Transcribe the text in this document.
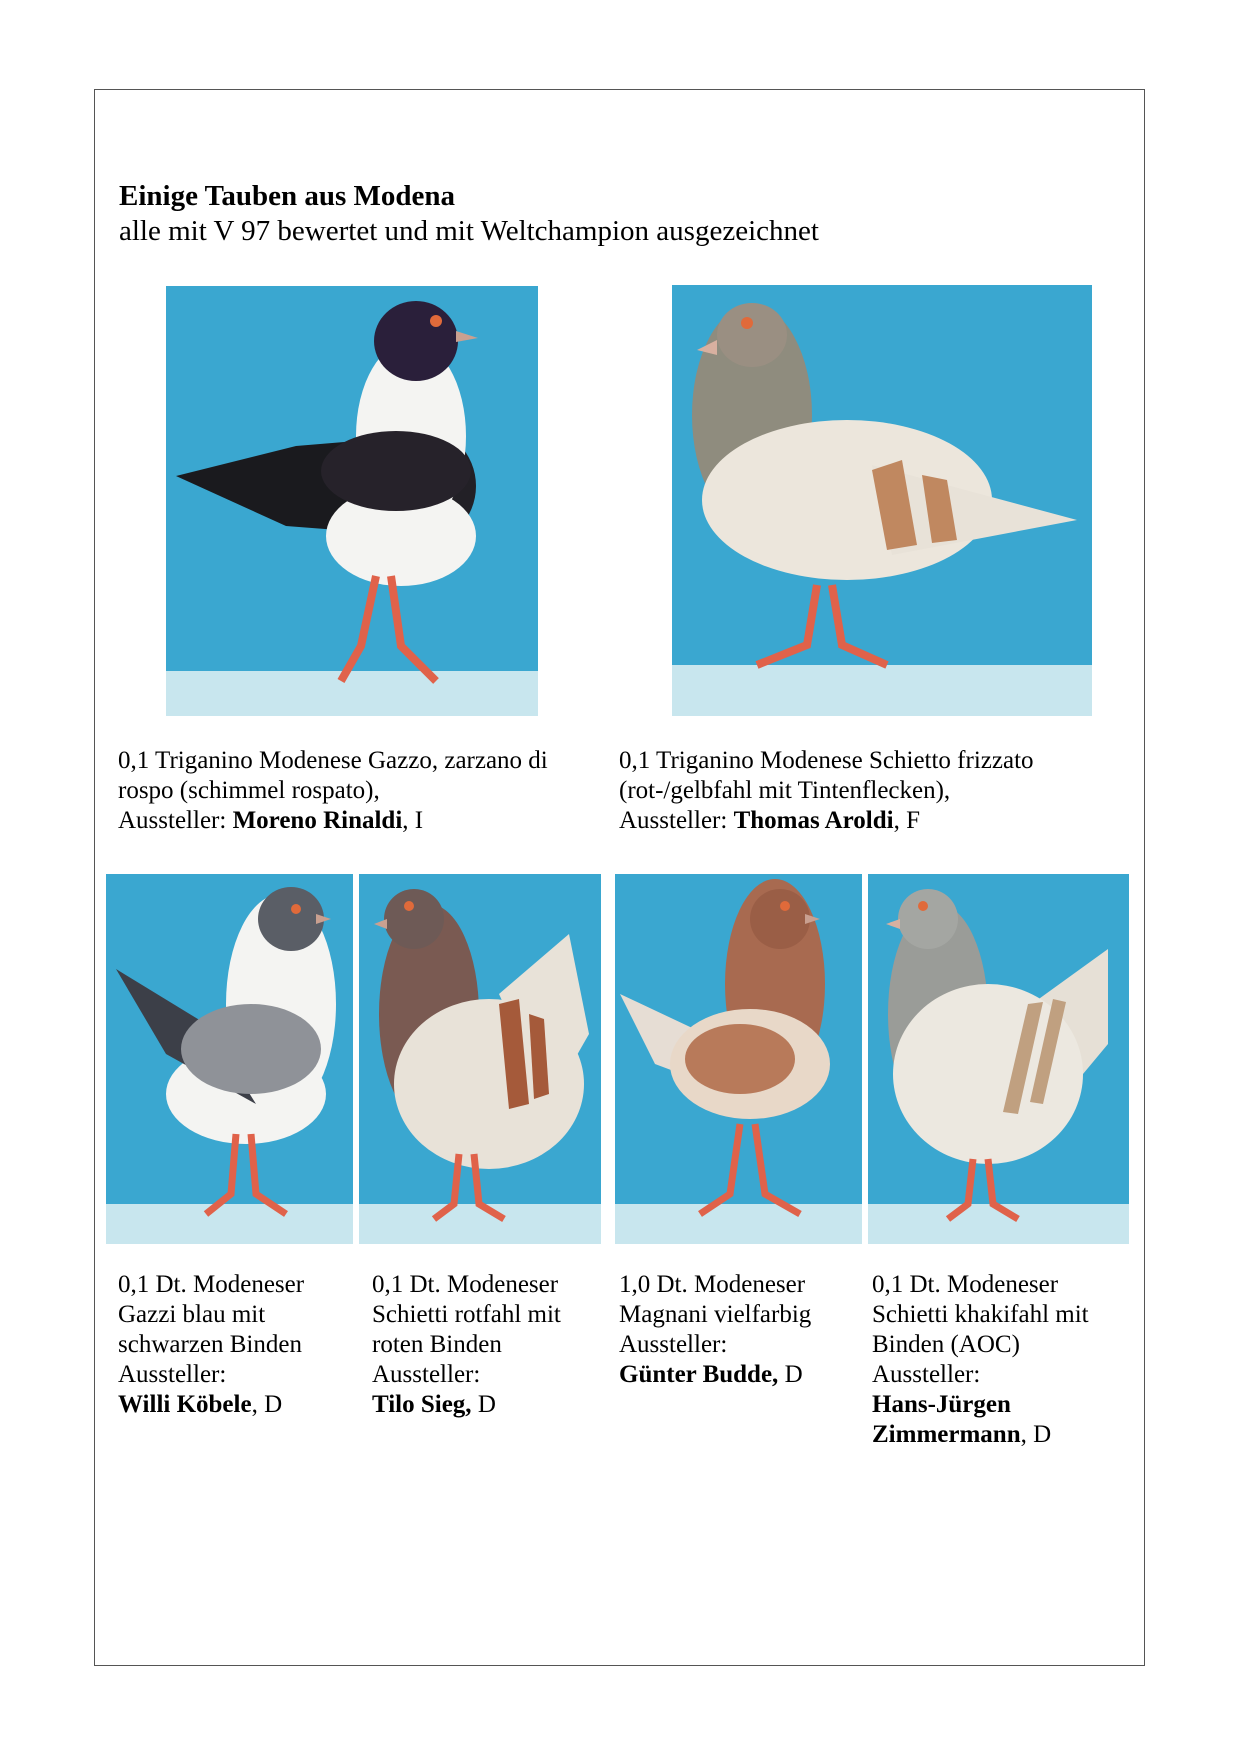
Einige Tauben aus Modena

alle mit V 97 bewertet und mit Weltchampion ausgezeichnet

0,1 Triganino Modenese Gazzo, zarzano di
rospo (schimmel rospato),
Aussteller: Moreno Rinaldi, I
0,1 Triganino Modenese Schietto frizzato
(rot-/gelbfahl mit Tintenflecken),
Aussteller: Thomas Aroldi, F
0,1 Dt. Modeneser
Gazzi blau mit
schwarzen Binden
Aussteller:
Willi Köbele, D
0,1 Dt. Modeneser
Schietti rotfahl mit
roten Binden
Aussteller:
Tilo Sieg, D
1,0 Dt. Modeneser
Magnani vielfarbig
Aussteller:
Günter Budde, D
0,1 Dt. Modeneser
Schietti khakifahl mit
Binden (AOC)
Aussteller:
Hans-Jürgen
Zimmermann, D
